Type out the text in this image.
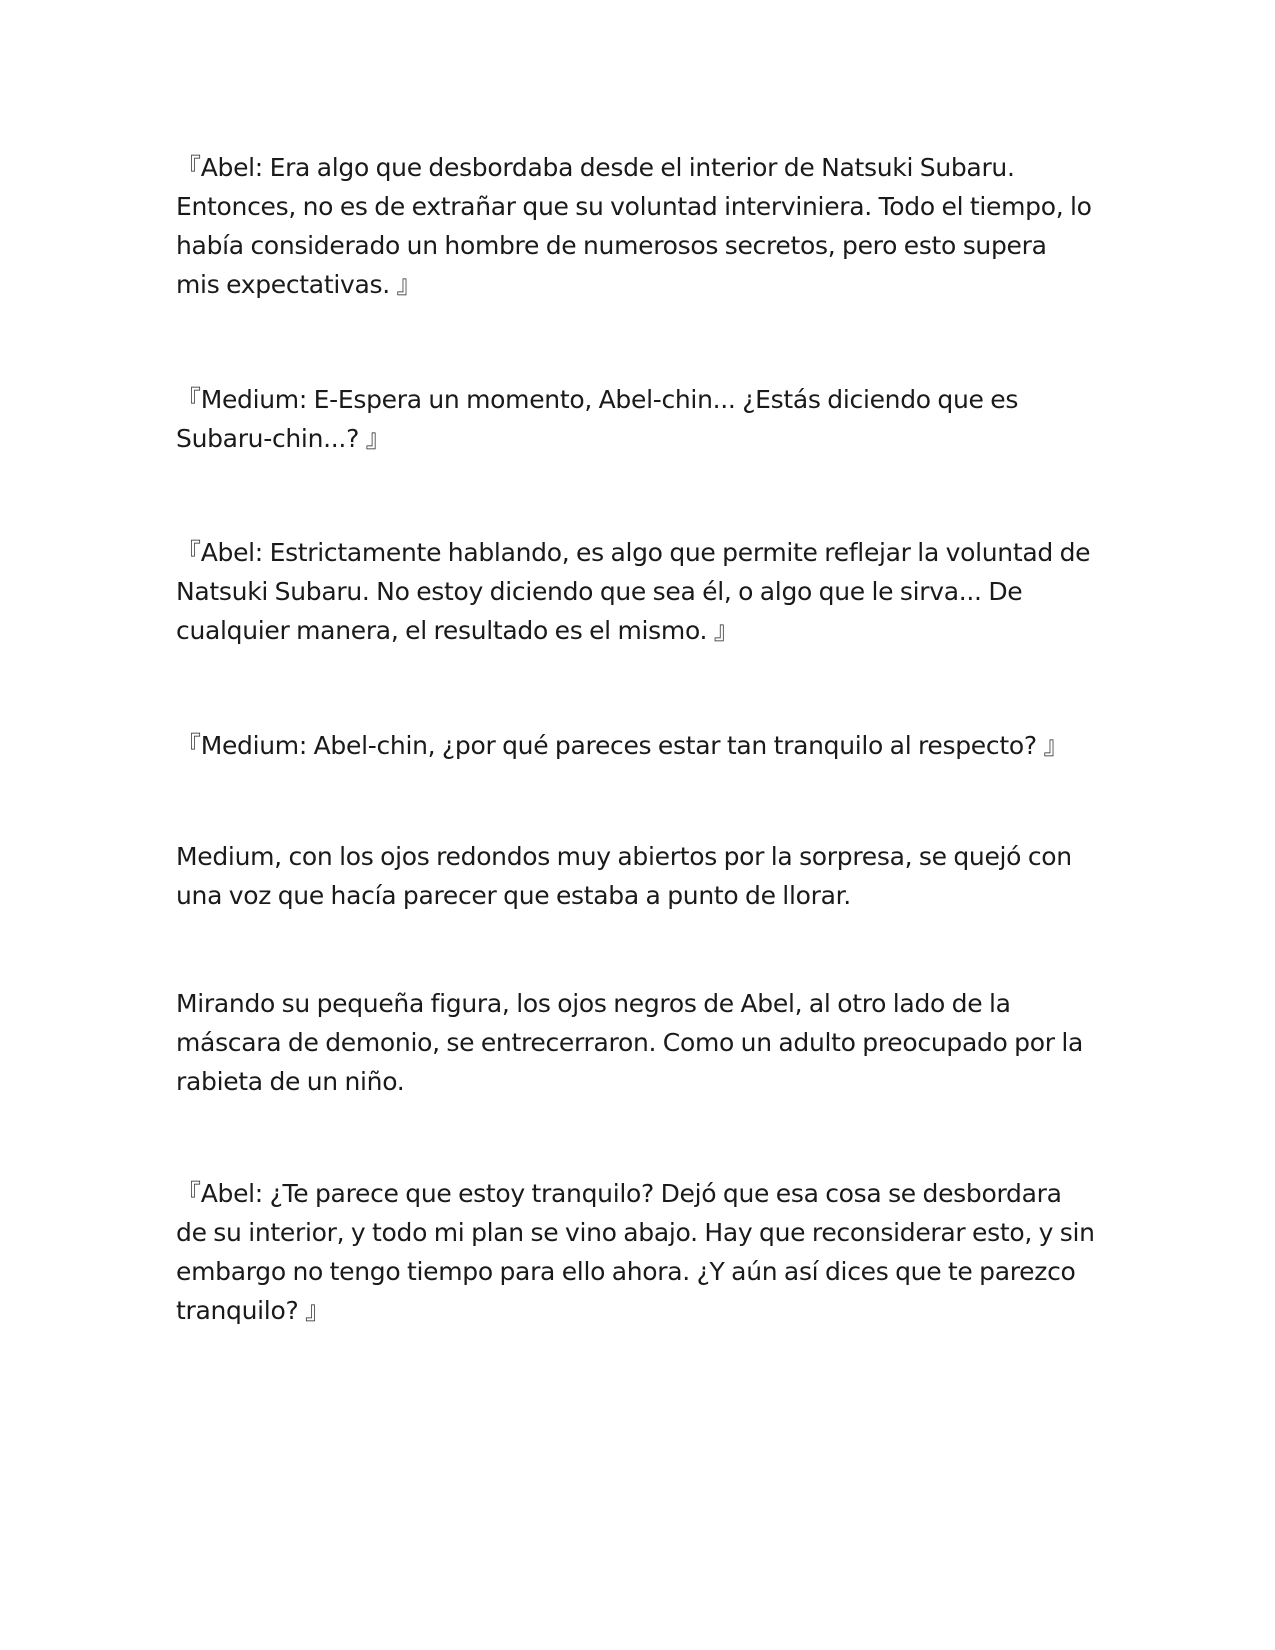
『Abel: Era algo que desbordaba desde el interior de Natsuki Subaru. Entonces, no es de extrañar que su voluntad interviniera. Todo el tiempo, lo había considerado un hombre de numerosos secretos, pero esto supera mis expectativas. 』

『Medium: E-Espera un momento, Abel-chin... ¿Estás diciendo que es Subaru-chin...? 』

『Abel: Estrictamente hablando, es algo que permite reflejar la voluntad de Natsuki Subaru. No estoy diciendo que sea él, o algo que le sirva... De cualquier manera, el resultado es el mismo. 』

『Medium: Abel-chin, ¿por qué pareces estar tan tranquilo al respecto? 』

Medium, con los ojos redondos muy abiertos por la sorpresa, se quejó con una voz que hacía parecer que estaba a punto de llorar.

Mirando su pequeña figura, los ojos negros de Abel, al otro lado de la máscara de demonio, se entrecerraron. Como un adulto preocupado por la rabieta de un niño.

『Abel: ¿Te parece que estoy tranquilo? Dejó que esa cosa se desbordara de su interior, y todo mi plan se vino abajo. Hay que reconsiderar esto, y sin embargo no tengo tiempo para ello ahora. ¿Y aún así dices que te parezco tranquilo? 』
